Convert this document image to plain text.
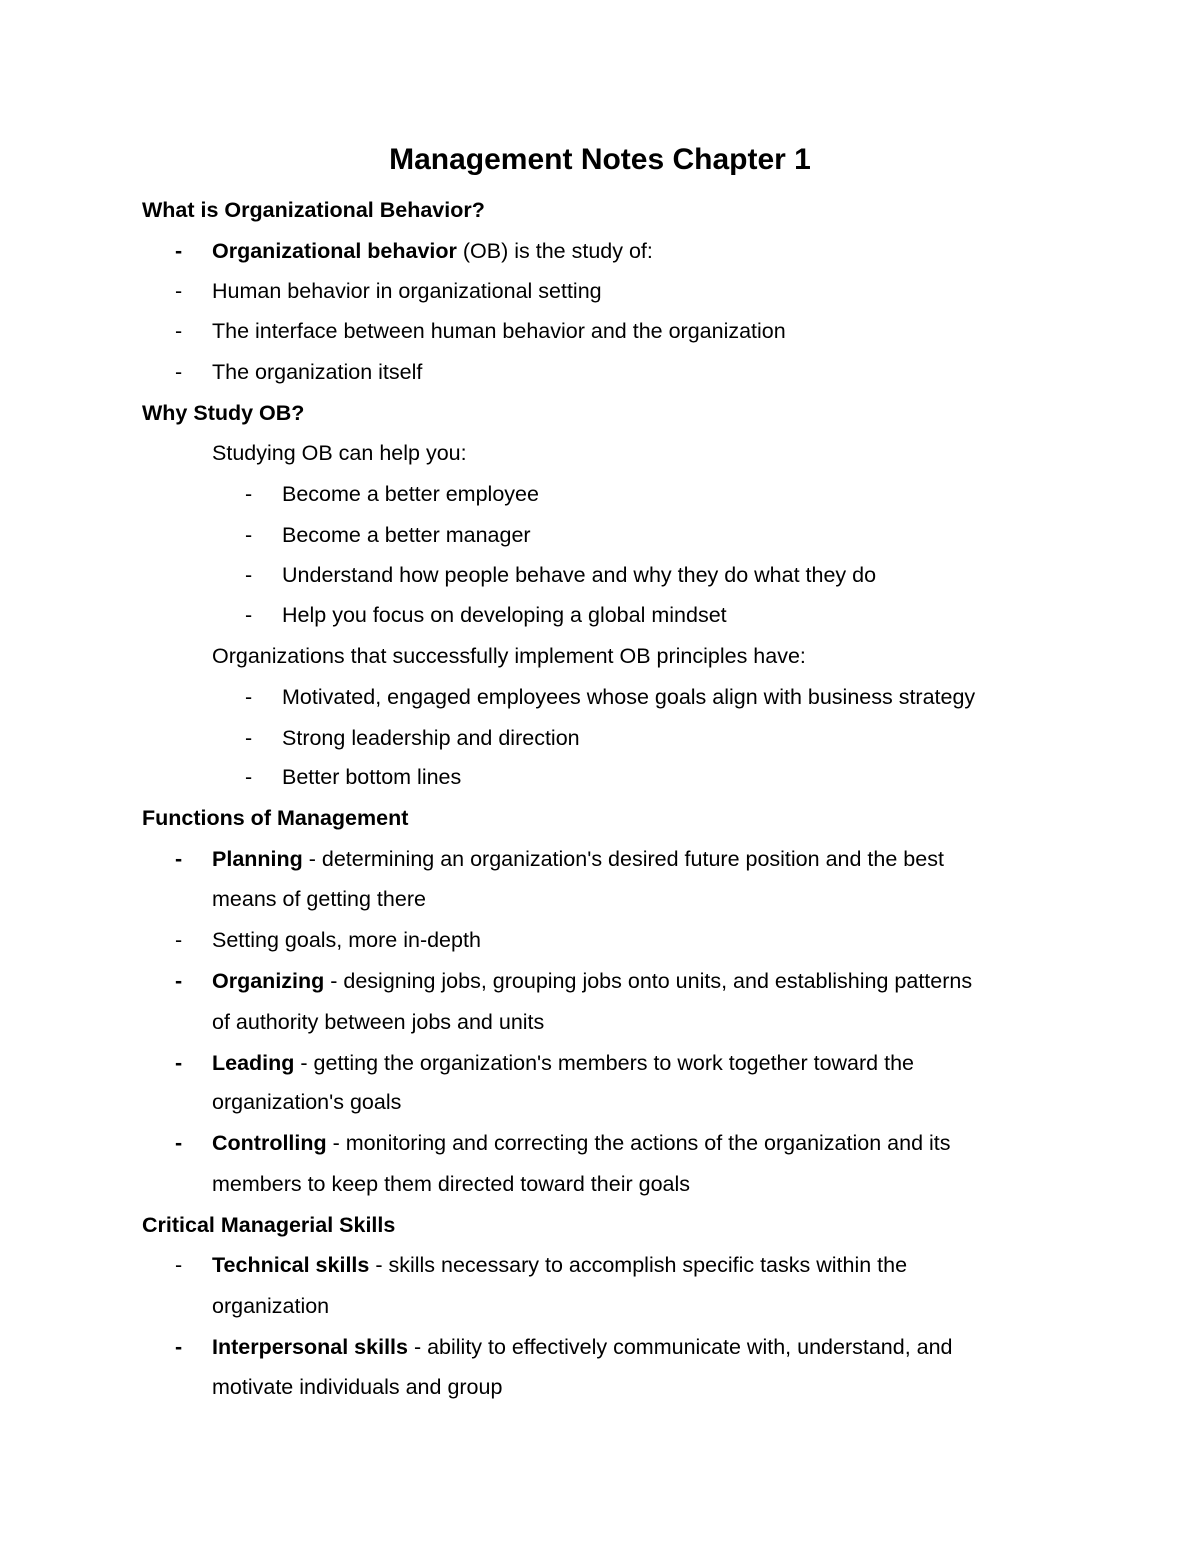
Management Notes Chapter 1
What is Organizational Behavior?
-	Organizational behavior (OB) is the study of:
-	Human behavior in organizational setting
-	The interface between human behavior and the organization
-	The organization itself
Why Study OB?
Studying OB can help you:
-	Become a better employee
-	Become a better manager
-	Understand how people behave and why they do what they do
-	Help you focus on developing a global mindset
Organizations that successfully implement OB principles have:
-	Motivated, engaged employees whose goals align with business strategy
-	Strong leadership and direction
-	Better bottom lines
Functions of Management
-	Planning - determining an organization's desired future position and the best
means of getting there
-	Setting goals, more in-depth
-	Organizing - designing jobs, grouping jobs onto units, and establishing patterns
of authority between jobs and units
-	Leading - getting the organization's members to work together toward the
organization's goals
-	Controlling - monitoring and correcting the actions of the organization and its
members to keep them directed toward their goals
Critical Managerial Skills
-	Technical skills - skills necessary to accomplish specific tasks within the
organization
-	Interpersonal skills - ability to effectively communicate with, understand, and
motivate individuals and group
